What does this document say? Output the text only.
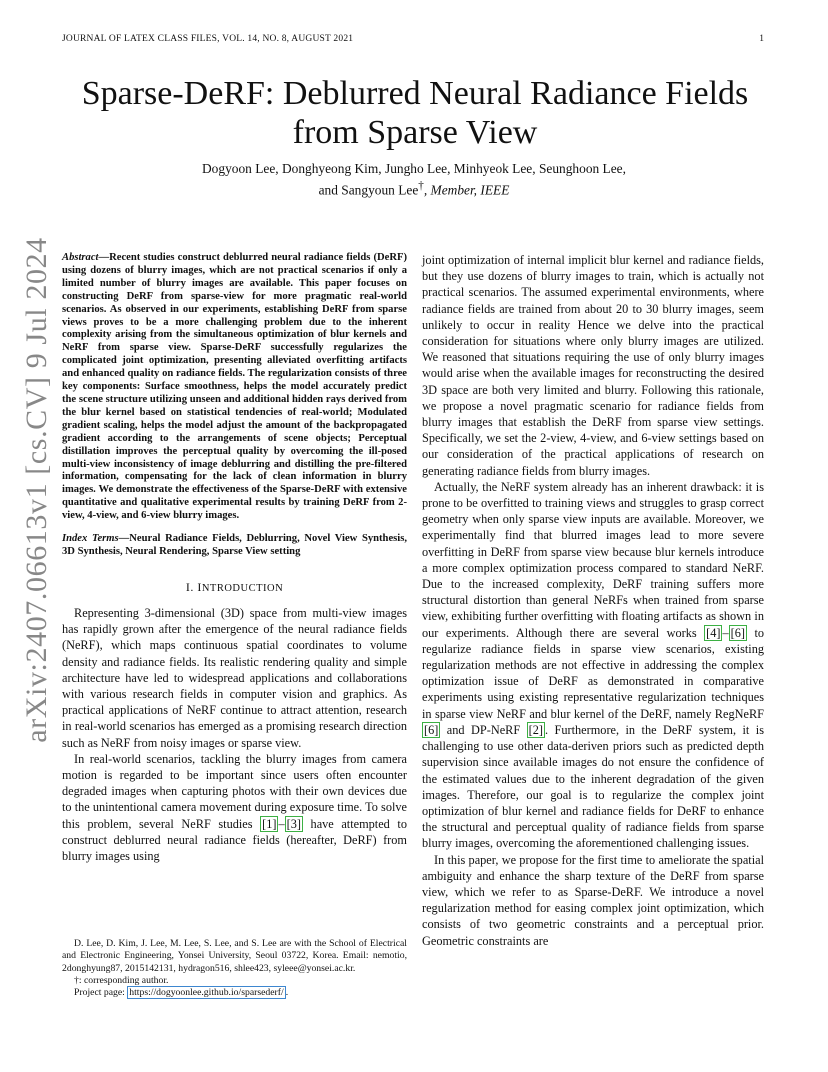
JOURNAL OF LATEX CLASS FILES, VOL. 14, NO. 8, AUGUST 2021	1
arXiv:2407.06613v1 [cs.CV] 9 Jul 2024
Sparse-DeRF: Deblurred Neural Radiance Fields from Sparse View
Dogyoon Lee, Donghyeong Kim, Jungho Lee, Minhyeok Lee, Seunghoon Lee,
and Sangyoun Lee†, Member, IEEE
Abstract—Recent studies construct deblurred neural radiance fields (DeRF) using dozens of blurry images, which are not practical scenarios if only a limited number of blurry images are available. This paper focuses on constructing DeRF from sparse-view for more pragmatic real-world scenarios. As observed in our experiments, establishing DeRF from sparse views proves to be a more challenging problem due to the inherent complexity arising from the simultaneous optimization of blur kernels and NeRF from sparse view. Sparse-DeRF successfully regularizes the complicated joint optimization, presenting alleviated overfitting artifacts and enhanced quality on radiance fields. The regularization consists of three key components: Surface smoothness, helps the model accurately predict the scene structure utilizing unseen and additional hidden rays derived from the blur kernel based on statistical tendencies of real-world; Modulated gradient scaling, helps the model adjust the amount of the backpropagated gradient according to the arrangements of scene objects; Perceptual distillation improves the perceptual quality by overcoming the ill-posed multi-view inconsistency of image deblurring and distilling the pre-filtered information, compensating for the lack of clean information in blurry images. We demonstrate the effectiveness of the Sparse-DeRF with extensive quantitative and qualitative experimental results by training DeRF from 2-view, 4-view, and 6-view blurry images.
Index Terms—Neural Radiance Fields, Deblurring, Novel View Synthesis, 3D Synthesis, Neural Rendering, Sparse View setting
I. INTRODUCTION

Representing 3-dimensional (3D) space from multi-view images has rapidly grown after the emergence of the neural radiance fields (NeRF), which maps continuous spatial coordinates to volume density and radiance fields. Its realistic rendering quality and simple architecture have led to widespread applications and collaborations with various research fields in computer vision and graphics. As practical applications of NeRF continue to attract attention, research in real-world scenarios has emerged as a promising research direction such as NeRF from noisy images or sparse view.

In real-world scenarios, tackling the blurry images from camera motion is regarded to be important since users often encounter degraded images when capturing photos with their own devices due to the unintentional camera movement during exposure time. To solve this problem, several NeRF studies [1] – [3] have attempted to construct deblurred neural radiance fields (hereafter, DeRF) from blurry images using

D. Lee, D. Kim, J. Lee, M. Lee, S. Lee, and S. Lee are with the School of Electrical and Electronic Engineering, Yonsei University, Seoul 03722, Korea. Email: nemotio, 2donghyung87, 2015142131, hydragon516, shlee423, syleee@yonsei.ac.kr.

†: corresponding author.

Project page: https://dogyoonlee.github.io/sparsederf/ .

joint optimization of internal implicit blur kernel and radiance fields, but they use dozens of blurry images to train, which is actually not practical scenarios. The assumed experimental environments, where radiance fields are trained from about 20 to 30 blurry images, seem unlikely to occur in reality Hence we delve into the practical consideration for situations where only blurry images are utilized. We reasoned that situations requiring the use of only blurry images would arise when the available images for reconstructing the desired 3D space are both very limited and blurry. Following this rationale, we propose a novel pragmatic scenario for radiance fields from blurry images that establish the DeRF from sparse view settings. Specifically, we set the 2-view, 4-view, and 6-view settings based on our consideration of the practical applications of research on generating radiance fields from blurry images.

Actually, the NeRF system already has an inherent drawback: it is prone to be overfitted to training views and struggles to grasp correct geometry when only sparse view inputs are available. Moreover, we experimentally find that blurred images lead to more severe overfitting in DeRF from sparse view because blur kernels introduce a more complex optimization process compared to standard NeRF. Due to the increased complexity, DeRF training suffers more structural distortion than general NeRFs when trained from sparse view, exhibiting further overfitting with floating artifacts as shown in our experiments. Although there are several works [4] – [6] to regularize radiance fields in sparse view scenarios, existing regularization methods are not effective in addressing the complex optimization issue of DeRF as demonstrated in comparative experiments using existing representative regularization techniques in sparse view NeRF and blur kernel of the DeRF, namely RegNeRF [6] and DP-NeRF [2] . Furthermore, in the DeRF system, it is challenging to use other data-deriven priors such as predicted depth supervision since available images do not ensure the confidence of the estimated values due to the inherent degradation of the given images. Therefore, our goal is to regularize the complex joint optimization of blur kernel and radiance fields for DeRF to enhance the structural and perceptual quality of radiance fields from sparse blurry images, overcoming the aforementioned challenging issues.

In this paper, we propose for the first time to ameliorate the spatial ambiguity and enhance the sharp texture of the DeRF from sparse view, which we refer to as Sparse-DeRF. We introduce a novel regularization method for easing complex joint optimization, which consists of two geometric constraints and a perceptual prior. Geometric constraints are
